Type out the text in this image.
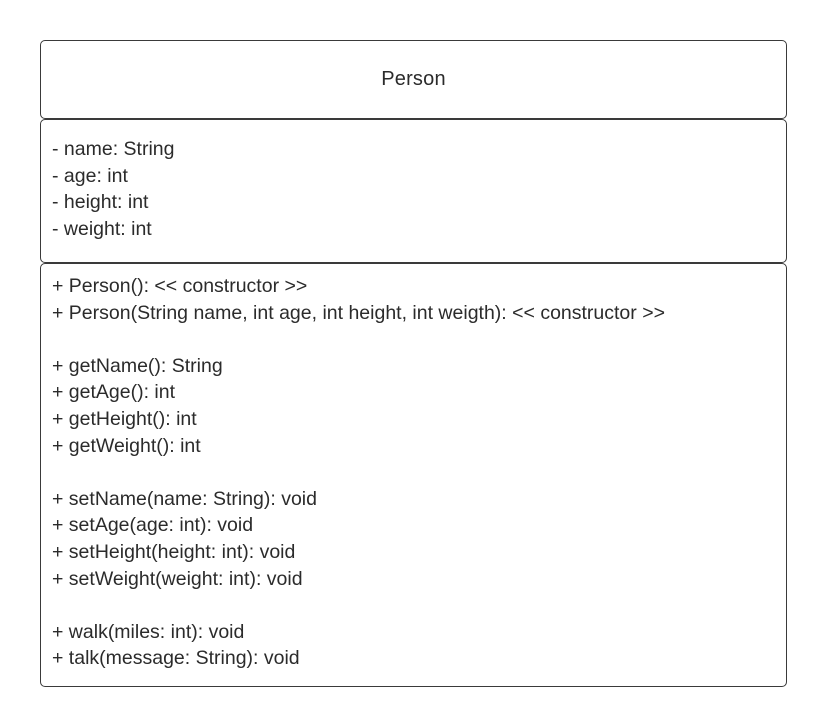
Person
- name: String
- age: int
- height: int
- weight: int
+ Person(): << constructor >>
+ Person(String name, int age, int height, int weigth): << constructor >>
+ getName(): String
+ getAge(): int
+ getHeight(): int
+ getWeight(): int
+ setName(name: String): void
+ setAge(age: int): void
+ setHeight(height: int): void
+ setWeight(weight: int): void
+ walk(miles: int): void
+ talk(message: String): void
